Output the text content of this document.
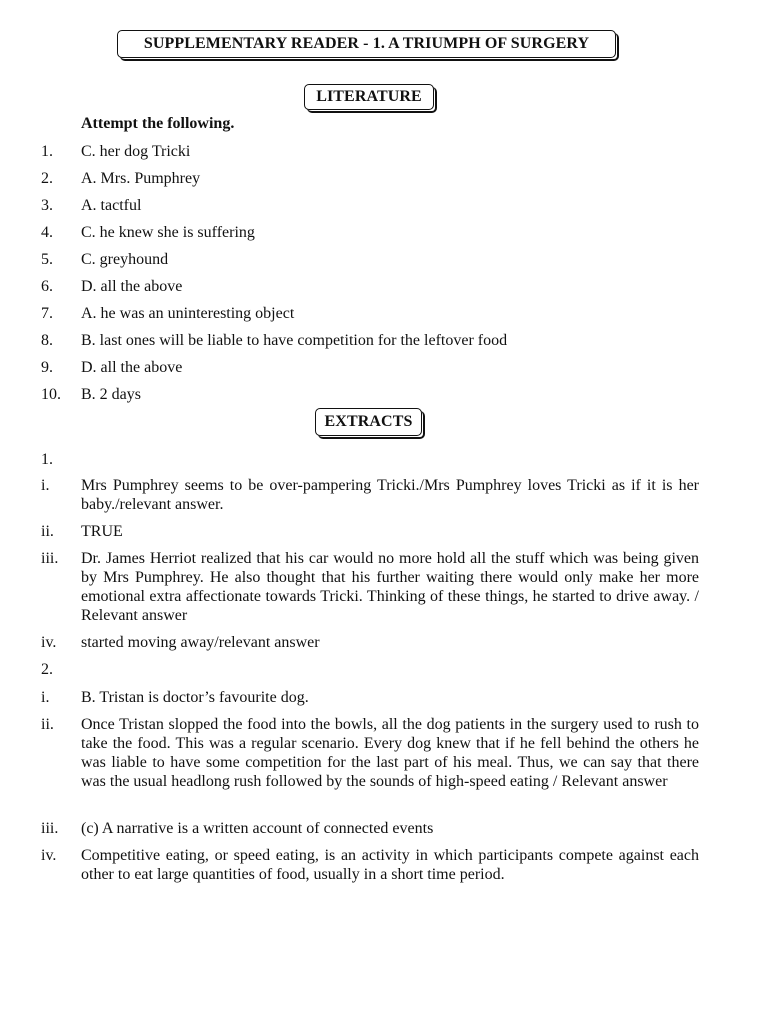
SUPPLEMENTARY READER - 1. A TRIUMPH OF SURGERY
LITERATURE
Attempt the following.
1. C. her dog Tricki
2. A. Mrs. Pumphrey
3. A. tactful
4. C. he knew she is suffering
5. C. greyhound
6. D. all the above
7. A. he was an uninteresting object
8. B. last ones will be liable to have competition for the leftover food
9. D. all the above
10. B. 2 days
EXTRACTS
1.
i. Mrs Pumphrey seems to be over-pampering Tricki./Mrs Pumphrey loves Tricki as if it is her baby./relevant answer.
ii. TRUE
iii. Dr. James Herriot realized that his car would no more hold all the stuff which was being given by Mrs Pumphrey. He also thought that his further waiting there would only make her more emotional extra affectionate towards Tricki. Thinking of these things, he started to drive away. / Relevant answer
iv. started moving away/relevant answer
2.
i. B. Tristan is doctor’s favourite dog.
ii. Once Tristan slopped the food into the bowls, all the dog patients in the surgery used to rush to take the food. This was a regular scenario. Every dog knew that if he fell behind the others he was liable to have some competition for the last part of his meal. Thus, we can say that there was the usual headlong rush followed by the sounds of high-speed eating / Relevant answer
iii. (c) A narrative is a written account of connected events
iv. Competitive eating, or speed eating, is an activity in which participants compete against each other to eat large quantities of food, usually in a short time period.
